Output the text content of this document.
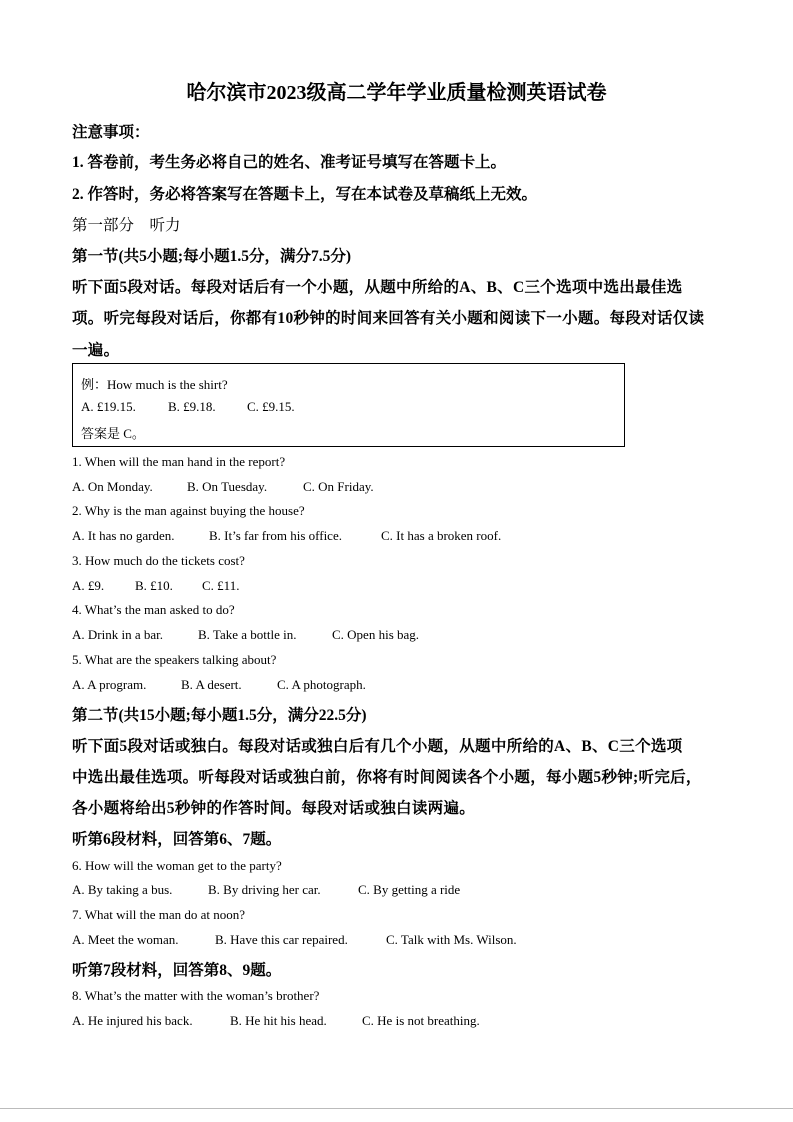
哈尔滨市2023级高二学年学业质量检测英语试卷
注意事项：
1. 答卷前，考生务必将自己的姓名、准考证号填写在答题卡上。
2. 作答时，务必将答案写在答题卡上，写在本试卷及草稿纸上无效。
第一部分　听力
第一节(共5小题;每小题1.5分，满分7.5分)
听下面5段对话。每段对话后有一个小题，从题中所给的A、B、C三个选项中选出最佳选
项。听完每段对话后，你都有10秒钟的时间来回答有关小题和阅读下一小题。每段对话仅读
一遍。
例：How much is the shirt?
A. £19.15. B. £9.18. C. £9.15.
答案是 C。
1. When will the man hand in the report?
A. On Monday.	B. On Tuesday.	C. On Friday.
2. Why is the man against buying the house?
A. It has no garden.	B. It’s far from his office.	C. It has a broken roof.
3. How much do the tickets cost?
A. £9. B. £10. C. £11.
4. What’s the man asked to do?
A. Drink in a bar.	B. Take a bottle in.	C. Open his bag.
5. What are the speakers talking about?
A. A program.	B. A desert.	C. A photograph.
第二节(共15小题;每小题1.5分，满分22.5分)
听下面5段对话或独白。每段对话或独白后有几个小题，从题中所给的A、B、C三个选项
中选出最佳选项。听每段对话或独白前，你将有时间阅读各个小题，每小题5秒钟;听完后，
各小题将给出5秒钟的作答时间。每段对话或独白读两遍。
听第6段材料，回答第6、7题。
6. How will the woman get to the party?
A. By taking a bus.	B. By driving her car.	C. By getting a ride
7. What will the man do at noon?
A. Meet the woman.	B. Have this car repaired.	C. Talk with Ms. Wilson.
听第7段材料，回答第8、9题。
8. What’s the matter with the woman’s brother?
A. He injured his back.	B. He hit his head.	C. He is not breathing.
